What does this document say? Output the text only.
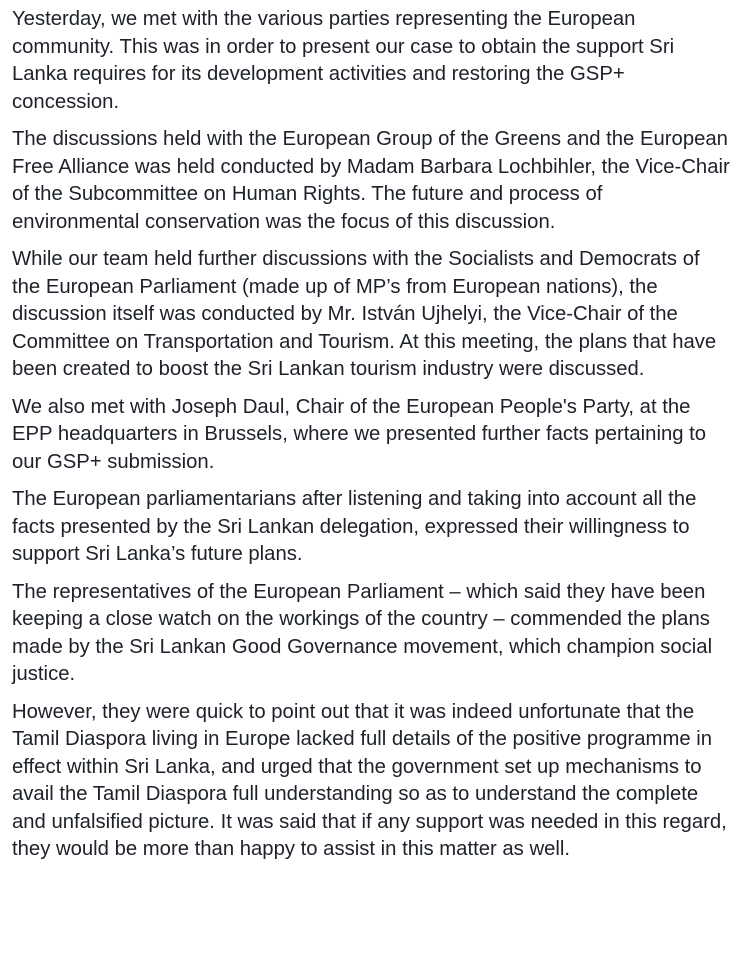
Yesterday, we met with the various parties representing the European community. This was in order to present our case to obtain the support Sri Lanka requires for its development activities and restoring the GSP+ concession.

The discussions held with the European Group of the Greens and the European Free Alliance was held conducted by Madam Barbara Lochbihler, the Vice-Chair of the Subcommittee on Human Rights. The future and process of environmental conservation was the focus of this discussion.

While our team held further discussions with the Socialists and Democrats of the European Parliament (made up of MP’s from European nations), the discussion itself was conducted by Mr. István Ujhelyi, the Vice-Chair of the Committee on Transportation and Tourism. At this meeting, the plans that have been created to boost the Sri Lankan tourism industry were discussed.

We also met with Joseph Daul, Chair of the European People's Party, at the EPP headquarters in Brussels, where we presented further facts pertaining to our GSP+ submission.

The European parliamentarians after listening and taking into account all the facts presented by the Sri Lankan delegation, expressed their willingness to support Sri Lanka’s future plans.

The representatives of the European Parliament – which said they have been keeping a close watch on the workings of the country – commended the plans made by the Sri Lankan Good Governance movement, which champion social justice.

However, they were quick to point out that it was indeed unfortunate that the Tamil Diaspora living in Europe lacked full details of the positive programme in effect within Sri Lanka, and urged that the government set up mechanisms to avail the Tamil Diaspora full understanding so as to understand the complete and unfalsified picture. It was said that if any support was needed in this regard, they would be more than happy to assist in this matter as well.
